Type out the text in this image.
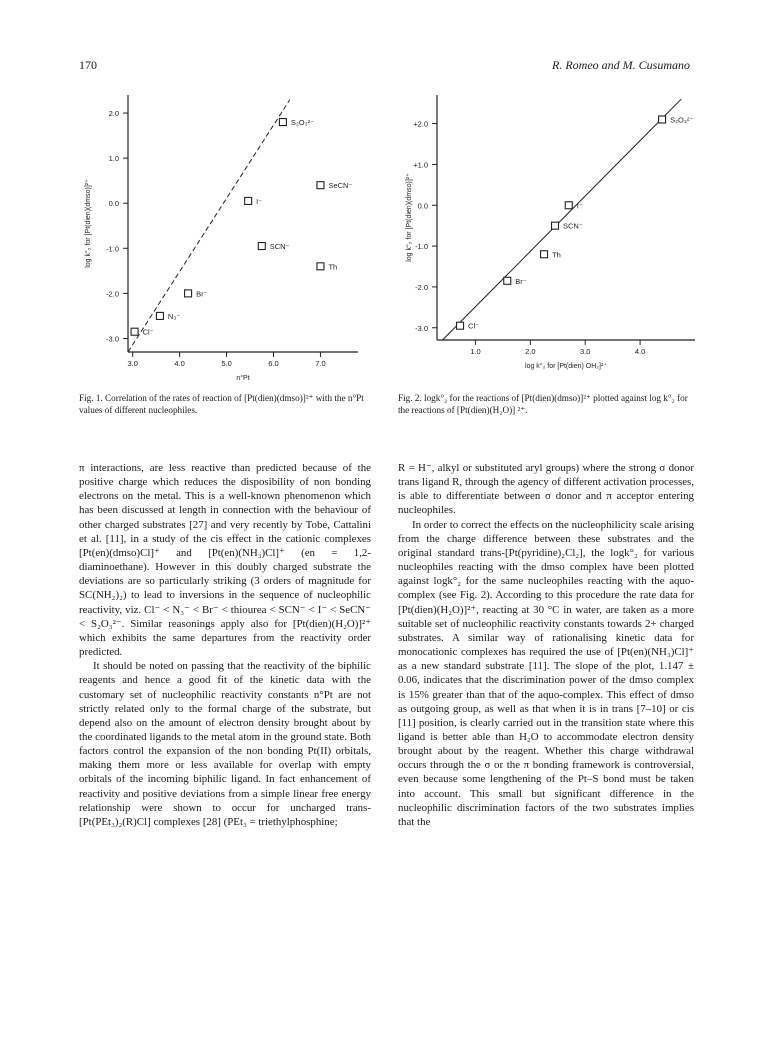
170	R. Romeo and M. Cusumano
2.0
1.0
0.0
-1.0
-2.0
-3.0
3.0	4.0	5.0	6.0	7.0
n°Pt
log k°₂ for [Pt(dien)(dmso)]²⁺
Cl⁻
N₃⁻
Br⁻
I⁻
SCN⁻
S₂O₃²⁻
SeCN⁻
Th
+2.0
+1.0
0.0
-1.0
-2.0
-3.0
1.0	2.0	3.0	4.0
log k°₂ for [Pt(dien) OH₂]²⁺
log k°₂ for [Pt(dien)(dmso)]²⁺
Cl⁻
Br⁻
Th
SCN⁻
I⁻
S₂O₃²⁻
Fig. 1. Correlation of the rates of reaction of [Pt(dien)(dmso)]²⁺ with the n°Pt values of different nucleophiles.
Fig. 2. logk°₂ for the reactions of [Pt(dien)(dmso)]²⁺ plotted against log k°₂ for the reactions of [Pt(dien)(H₂O)] ²⁺.

π interactions, are less reactive than predicted because of the positive charge which reduces the disposibility of non bonding electrons on the metal. This is a well-known phenomenon which has been discussed at length in connection with the behaviour of other charged substrates [27] and very recently by Tobe, Cattalini et al. [11], in a study of the cis effect in the cationic complexes [Pt(en)(dmso)Cl]⁺ and [Pt(en)(NH₃)Cl]⁺ (en = 1,2-diaminoethane). However in this doubly charged substrate the deviations are so particularly striking (3 orders of magnitude for SC(NH₂)₂) to lead to inversions in the sequence of nucleophilic reactivity, viz. Cl⁻ < N₃⁻ < Br⁻ < thiourea < SCN⁻ < I⁻ < SeCN⁻ < S₂O₃²⁻. Similar reasonings apply also for [Pt(dien)(H₂O)]²⁺ which exhibits the same departures from the reactivity order predicted.

It should be noted on passing that the reactivity of the biphilic reagents and hence a good fit of the kinetic data with the customary set of nucleophilic reactivity constants n°Pt are not strictly related only to the formal charge of the substrate, but depend also on the amount of electron density brought about by the coordinated ligands to the metal atom in the ground state. Both factors control the expansion of the non bonding Pt(II) orbitals, making them more or less available for overlap with empty orbitals of the incoming biphilic ligand. In fact enhancement of reactivity and positive deviations from a simple linear free energy relationship were shown to occur for uncharged trans-[Pt(PEt₃)₂(R)Cl] complexes [28] (PEt₃ = triethylphosphine;

R = H⁻, alkyl or substituted aryl groups) where the strong σ donor trans ligand R, through the agency of different activation processes, is able to differentiate between σ donor and π acceptor entering nucleophiles.

In order to correct the effects on the nucleophilicity scale arising from the charge difference between these substrates and the original standard trans-[Pt(pyridine)₂Cl₂], the logk°₂ for various nucleophiles reacting with the dmso complex have been plotted against logk°₂ for the same nucleophiles reacting with the aquo-complex (see Fig. 2). According to this procedure the rate data for [Pt(dien)(H₂O)]²⁺, reacting at 30 °C in water, are taken as a more suitable set of nucleophilic reactivity constants towards 2+ charged substrates. A similar way of rationalising kinetic data for monocationic complexes has required the use of [Pt(en)(NH₃)Cl]⁺ as a new standard substrate [11]. The slope of the plot, 1.147 ± 0.06, indicates that the discrimination power of the dmso complex is 15% greater than that of the aquo-complex. This effect of dmso as outgoing group, as well as that when it is in trans [7–10] or cis [11] position, is clearly carried out in the transition state where this ligand is better able than H₂O to accommodate electron density brought about by the reagent. Whether this charge withdrawal occurs through the σ or the π bonding framework is controversial, even because some lengthening of the Pt–S bond must be taken into account. This small but significant difference in the nucleophilic discrimination factors of the two substrates implies that the
